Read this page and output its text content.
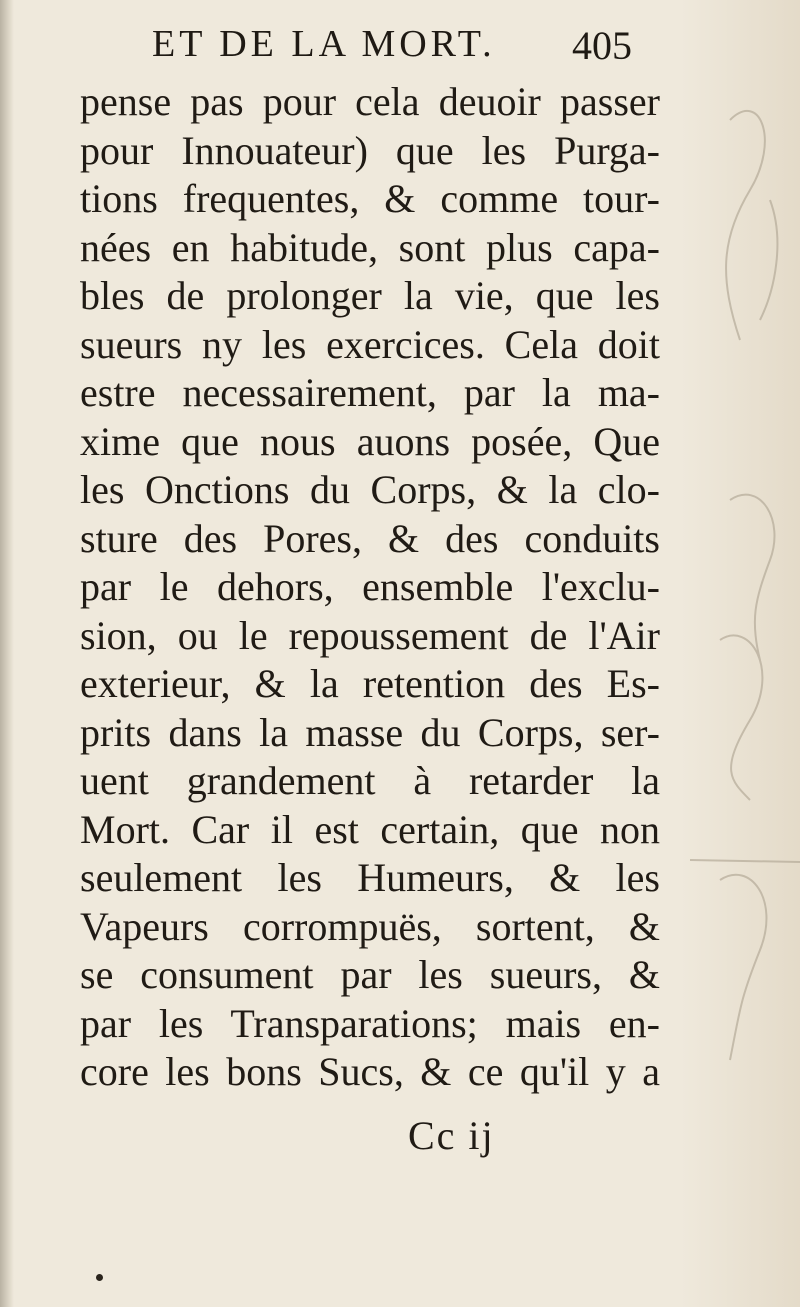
ET DE LA MORT.	405
pense pas pour cela deuoir passer
pour Innouateur) que les Purga-
tions frequentes, & comme tour-
nées en habitude, sont plus capa-
bles de prolonger la vie, que les
sueurs ny les exercices. Cela doit
estre necessairement, par la ma-
xime que nous auons posée, Que
les Onctions du Corps, & la clo-
sture des Pores, & des conduits
par le dehors, ensemble l'exclu-
sion, ou le repoussement de l'Air
exterieur, & la retention des Es-
prits dans la masse du Corps, ser-
uent grandement à retarder la
Mort. Car il est certain, que non
seulement les Humeurs, & les
Vapeurs corrompuës, sortent, &
se consument par les sueurs, &
par les Transparations; mais en-
core les bons Sucs, & ce qu'il y a
Cc ij
